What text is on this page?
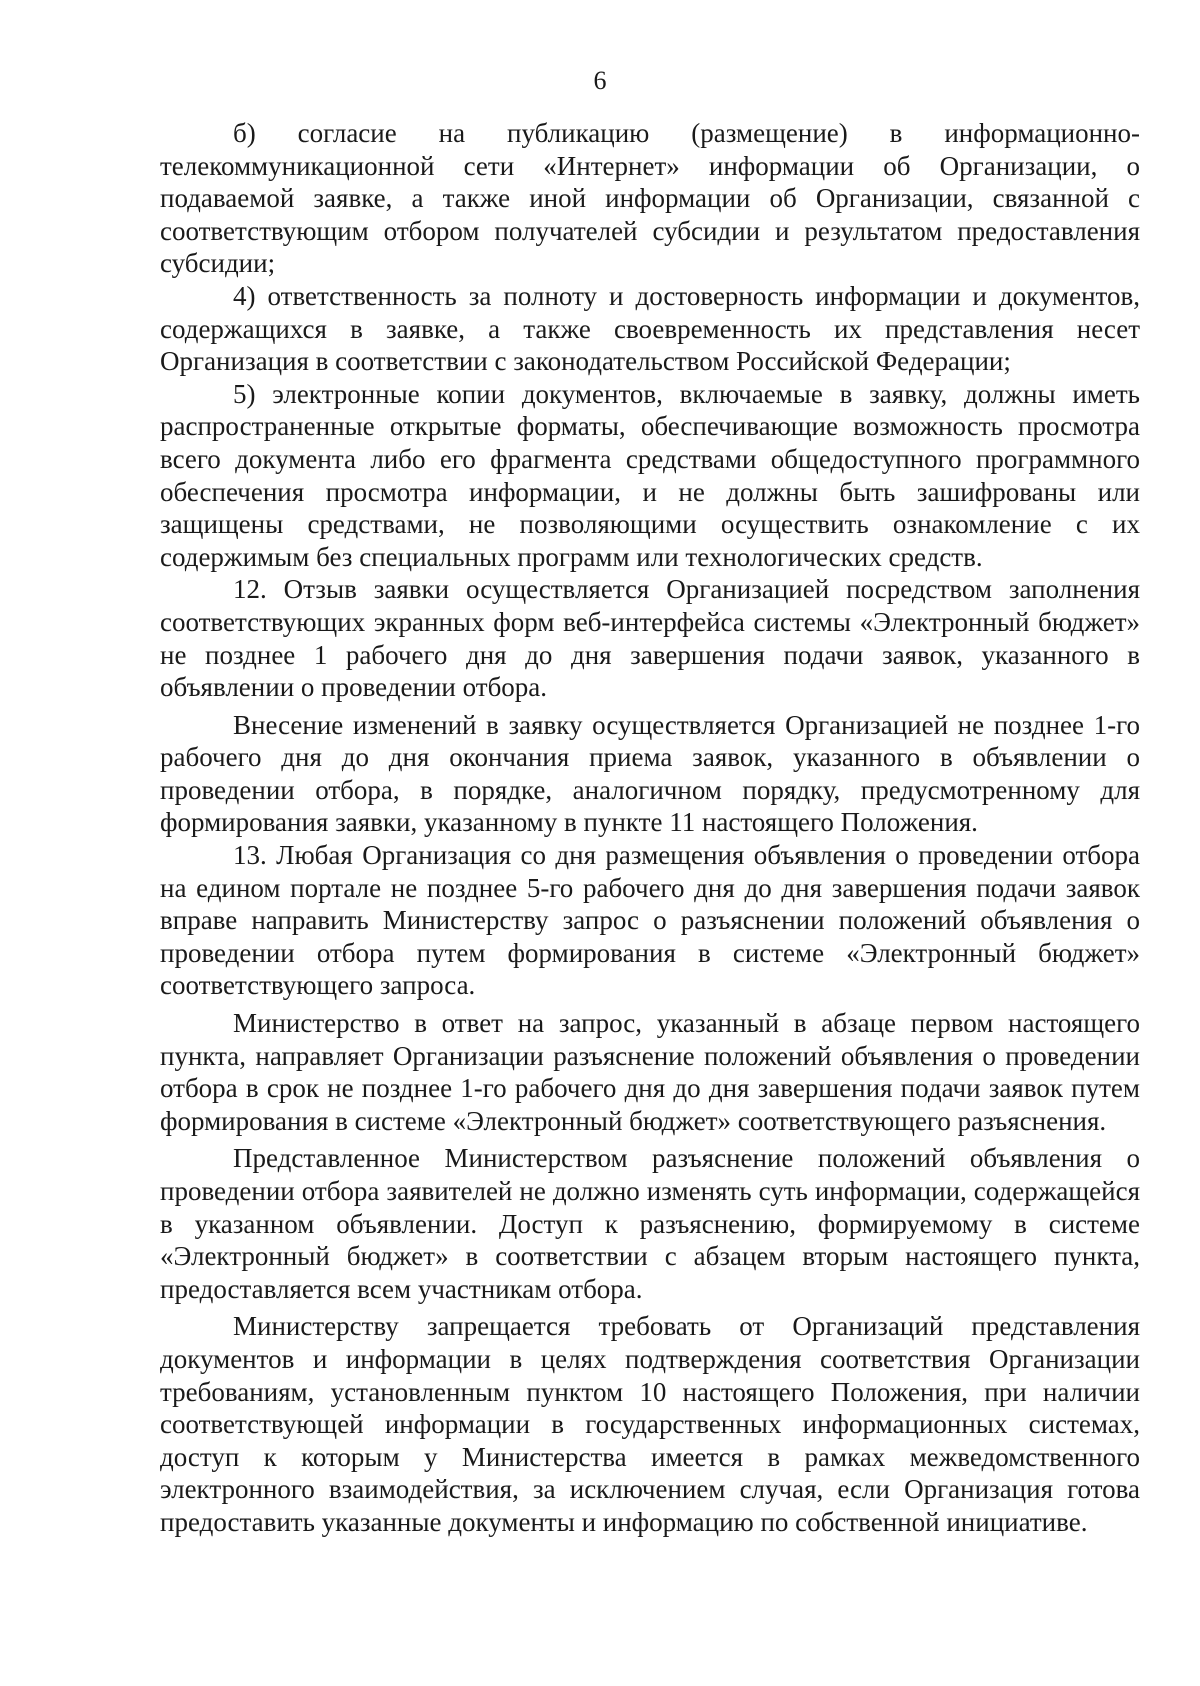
6

б) согласие на публикацию (размещение) в информационно-телекоммуникационной сети «Интернет» информации об Организации, о подаваемой заявке, а также иной информации об Организации, связанной с соответствующим отбором получателей субсидии и результатом предоставления субсидии;

4) ответственность за полноту и достоверность информации и документов, содержащихся в заявке, а также своевременность их представления несет Организация в соответствии с законодательством Российской Федерации;

5) электронные копии документов, включаемые в заявку, должны иметь распространенные открытые форматы, обеспечивающие возможность просмотра всего документа либо его фрагмента средствами общедоступного программного обеспечения просмотра информации, и не должны быть зашифрованы или защищены средствами, не позволяющими осуществить ознакомление с их содержимым без специальных программ или технологических средств.

12. Отзыв заявки осуществляется Организацией посредством заполнения соответствующих экранных форм веб-интерфейса системы «Электронный бюджет» не позднее 1 рабочего дня до дня завершения подачи заявок, указанного в объявлении о проведении отбора.

Внесение изменений в заявку осуществляется Организацией не позднее 1-го рабочего дня до дня окончания приема заявок, указанного в объявлении о проведении отбора, в порядке, аналогичном порядку, предусмотренному для формирования заявки, указанному в пункте 11 настоящего Положения.

13. Любая Организация со дня размещения объявления о проведении отбора на едином портале не позднее 5-го рабочего дня до дня завершения подачи заявок вправе направить Министерству запрос о разъяснении положений объявления о проведении отбора путем формирования в системе «Электронный бюджет» соответствующего запроса.

Министерство в ответ на запрос, указанный в абзаце первом настоящего пункта, направляет Организации разъяснение положений объявления о проведении отбора в срок не позднее 1-го рабочего дня до дня завершения подачи заявок путем формирования в системе «Электронный бюджет» соответствующего разъяснения.

Представленное Министерством разъяснение положений объявления о проведении отбора заявителей не должно изменять суть информации, содержащейся в указанном объявлении. Доступ к разъяснению, формируемому в системе «Электронный бюджет» в соответствии с абзацем вторым настоящего пункта, предоставляется всем участникам отбора.

Министерству запрещается требовать от Организаций представления документов и информации в целях подтверждения соответствия Организации требованиям, установленным пунктом 10 настоящего Положения, при наличии соответствующей информации в государственных информационных системах, доступ к которым у Министерства имеется в рамках межведомственного электронного взаимодействия, за исключением случая, если Организация готова предоставить указанные документы и информацию по собственной инициативе.
